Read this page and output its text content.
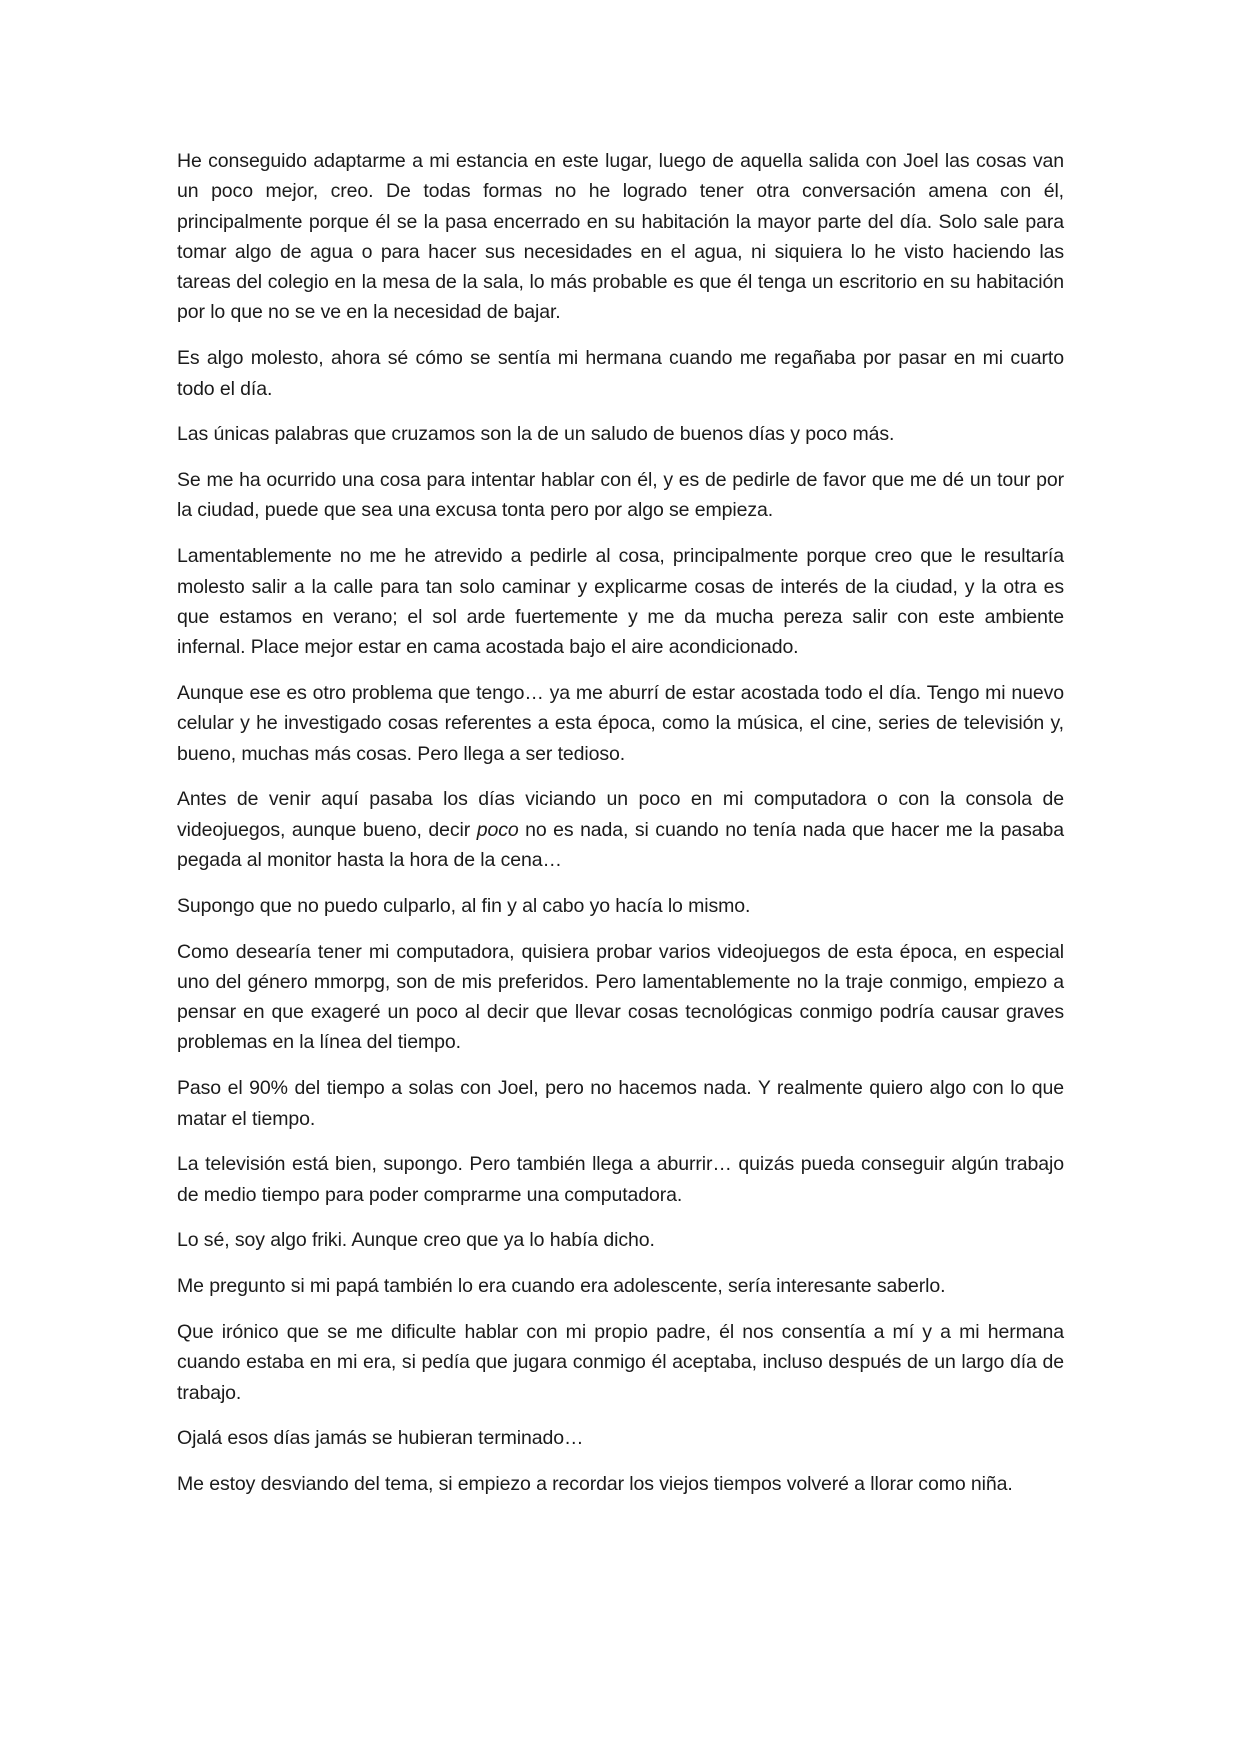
He conseguido adaptarme a mi estancia en este lugar, luego de aquella salida con Joel las cosas van un poco mejor, creo. De todas formas no he logrado tener otra conversación amena con él, principalmente porque él se la pasa encerrado en su habitación la mayor parte del día. Solo sale para tomar algo de agua o para hacer sus necesidades en el agua, ni siquiera lo he visto haciendo las tareas del colegio en la mesa de la sala, lo más probable es que él tenga un escritorio en su habitación por lo que no se ve en la necesidad de bajar.

Es algo molesto, ahora sé cómo se sentía mi hermana cuando me regañaba por pasar en mi cuarto todo el día.

Las únicas palabras que cruzamos son la de un saludo de buenos días y poco más.

Se me ha ocurrido una cosa para intentar hablar con él, y es de pedirle de favor que me dé un tour por la ciudad, puede que sea una excusa tonta pero por algo se empieza.

Lamentablemente no me he atrevido a pedirle al cosa, principalmente porque creo que le resultaría molesto salir a la calle para tan solo caminar y explicarme cosas de interés de la ciudad, y la otra es que estamos en verano; el sol arde fuertemente y me da mucha pereza salir con este ambiente infernal. Place mejor estar en cama acostada bajo el aire acondicionado.

Aunque ese es otro problema que tengo… ya me aburrí de estar acostada todo el día. Tengo mi nuevo celular y he investigado cosas referentes a esta época, como la música, el cine, series de televisión y, bueno, muchas más cosas. Pero llega a ser tedioso.

Antes de venir aquí pasaba los días viciando un poco en mi computadora o con la consola de videojuegos, aunque bueno, decir poco no es nada, si cuando no tenía nada que hacer me la pasaba pegada al monitor hasta la hora de la cena…

Supongo que no puedo culparlo, al fin y al cabo yo hacía lo mismo.

Como desearía tener mi computadora, quisiera probar varios videojuegos de esta época, en especial uno del género mmorpg, son de mis preferidos. Pero lamentablemente no la traje conmigo, empiezo a pensar en que exageré un poco al decir que llevar cosas tecnológicas conmigo podría causar graves problemas en la línea del tiempo.

Paso el 90% del tiempo a solas con Joel, pero no hacemos nada. Y realmente quiero algo con lo que matar el tiempo.

La televisión está bien, supongo. Pero también llega a aburrir… quizás pueda conseguir algún trabajo de medio tiempo para poder comprarme una computadora.

Lo sé, soy algo friki. Aunque creo que ya lo había dicho.

Me pregunto si mi papá también lo era cuando era adolescente, sería interesante saberlo.

Que irónico que se me dificulte hablar con mi propio padre, él nos consentía a mí y a mi hermana cuando estaba en mi era, si pedía que jugara conmigo él aceptaba, incluso después de un largo día de trabajo.

Ojalá esos días jamás se hubieran terminado…

Me estoy desviando del tema, si empiezo a recordar los viejos tiempos volveré a llorar como niña.
